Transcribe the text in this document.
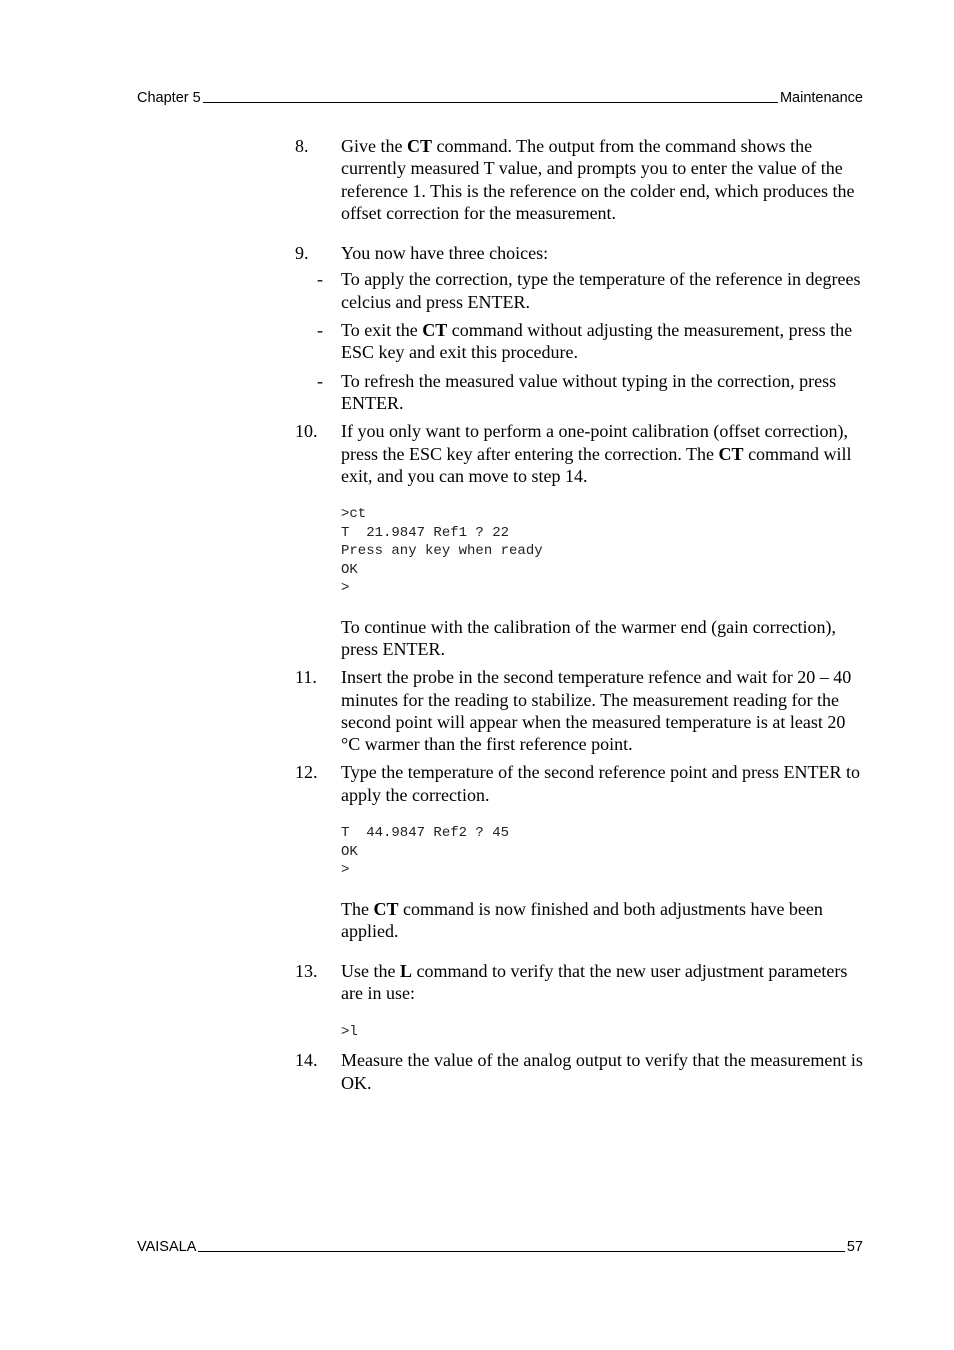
Chapter 5	Maintenance
8. Give the CT command. The output from the command shows the currently measured T value, and prompts you to enter the value of the reference 1. This is the reference on the colder end, which produces the offset correction for the measurement.

9. You now have three choices:

- To apply the correction, type the temperature of the reference in degrees celcius and press ENTER.

- To exit the CT command without adjusting the measurement, press the ESC key and exit this procedure.

- To refresh the measured value without typing in the correction, press ENTER.

10. If you only want to perform a one-point calibration (offset correction), press the ESC key after entering the correction. The CT command will exit, and you can move to step 14.

>ct
T  21.9847 Ref1 ? 22
Press any key when ready
OK
>

To continue with the calibration of the warmer end (gain correction), press ENTER.

11. Insert the probe in the second temperature refence and wait for 20 – 40 minutes for the reading to stabilize. The measurement reading for the second point will appear when the measured temperature is at least 20 °C warmer than the first reference point.

12. Type the temperature of the second reference point and press ENTER to apply the correction.

T  44.9847 Ref2 ? 45
OK
>

The CT command is now finished and both adjustments have been applied.

13. Use the L command to verify that the new user adjustment parameters are in use:

>l
14. Measure the value of the analog output to verify that the measurement is OK.

VAISALA	57
